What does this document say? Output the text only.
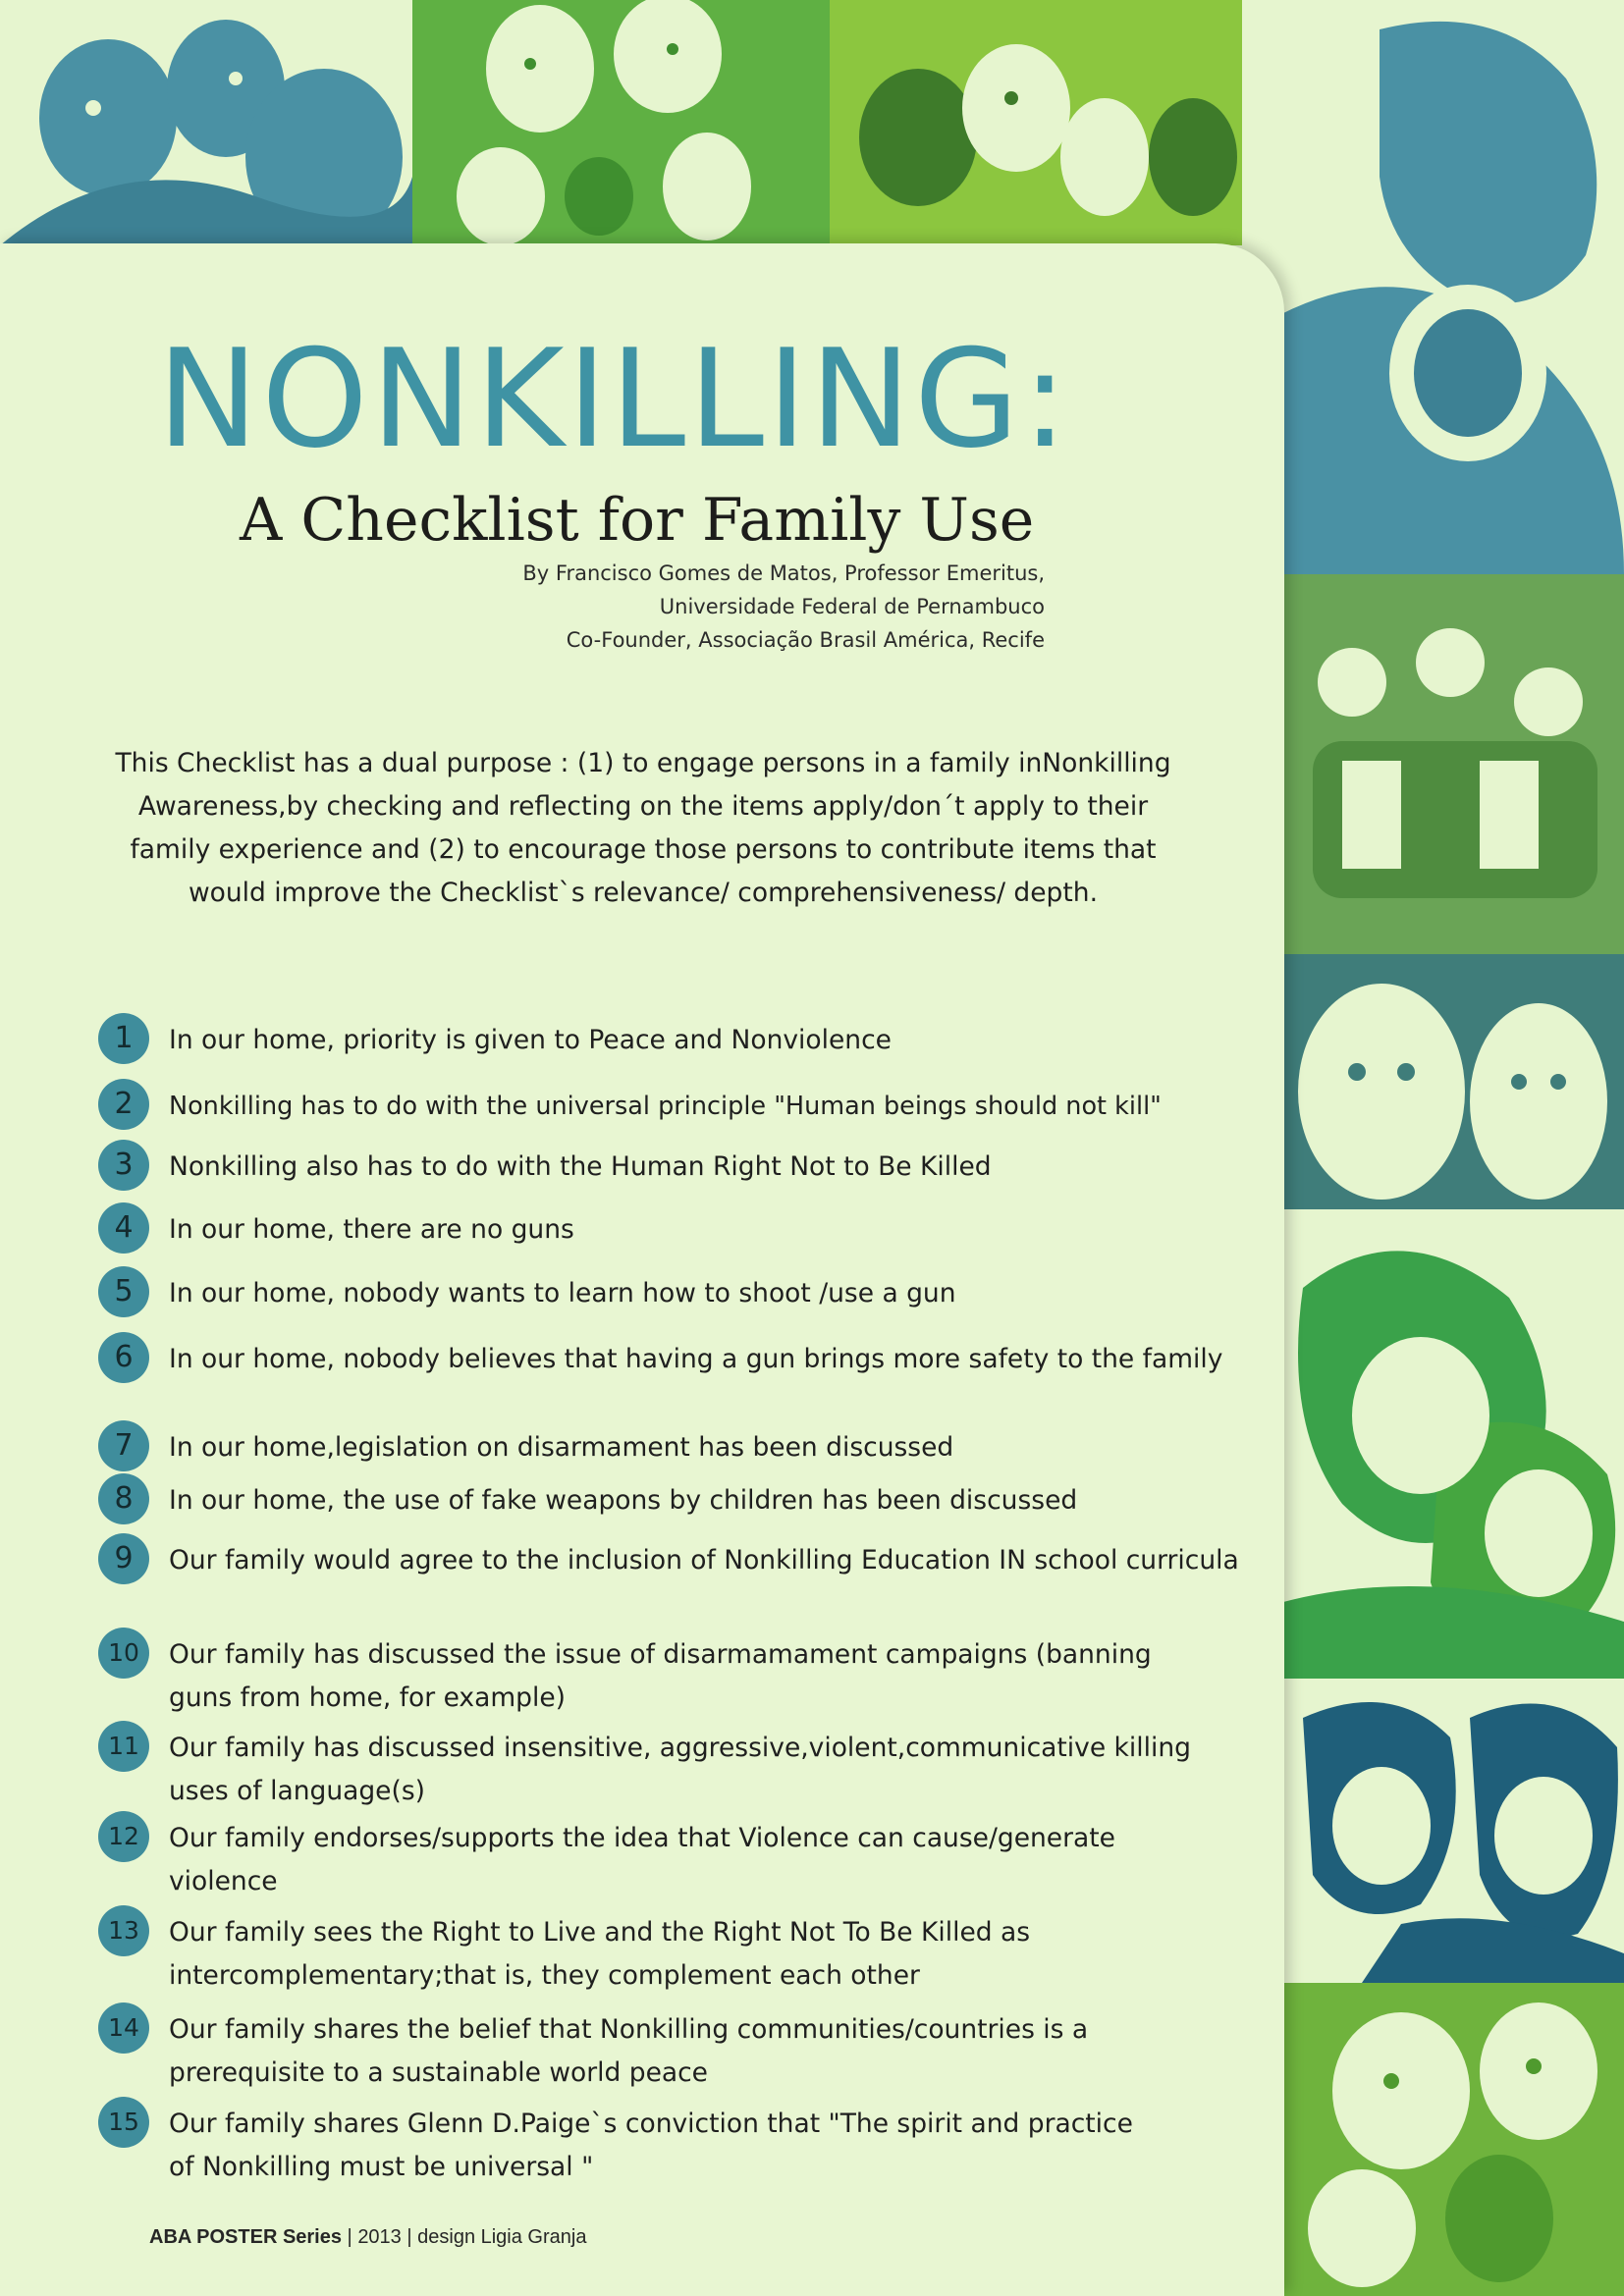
NONKILLING:
A Checklist for Family Use
By Francisco Gomes de Matos, Professor Emeritus,
Universidade Federal de Pernambuco
Co-Founder, Associação Brasil América, Recife
This Checklist has a dual purpose : (1) to engage persons in a family inNonkilling Awareness,by checking and reflecting on the items apply/don´t apply to their family experience and (2) to encourage those persons to contribute items that would improve the Checklist`s relevance/ comprehensiveness/ depth.
1	In our home, priority is given to Peace and Nonviolence
2	Nonkilling has to do with the universal principle "Human beings should not kill"
3	Nonkilling also has to do with the Human Right Not to Be Killed
4	In our home, there are no guns
5	In our home, nobody wants to learn how to shoot /use a gun
6	In our home, nobody believes that having a gun brings more safety to the family
7	In our home,legislation on disarmament has been discussed
8	In our home, the use of fake weapons by children has been discussed
9	Our family would agree to the inclusion of Nonkilling Education IN school curricula
10	Our family has discussed the issue of disarmamament campaigns (banning guns from home, for example)
11	Our family has discussed insensitive, aggressive,violent,communicative killing uses of language(s)
12	Our family endorses/supports the idea that Violence can cause/generate violence
13	Our family sees the Right to Live and the Right Not To Be Killed as intercomplementary;that is, they complement each other
14	Our family shares the belief that Nonkilling communities/countries is a prerequisite to a sustainable world peace
15	Our family shares Glenn D.Paige`s conviction that "The spirit and practice of Nonkilling must be universal "
ABA POSTER Series | 2013 | design Ligia Granja
